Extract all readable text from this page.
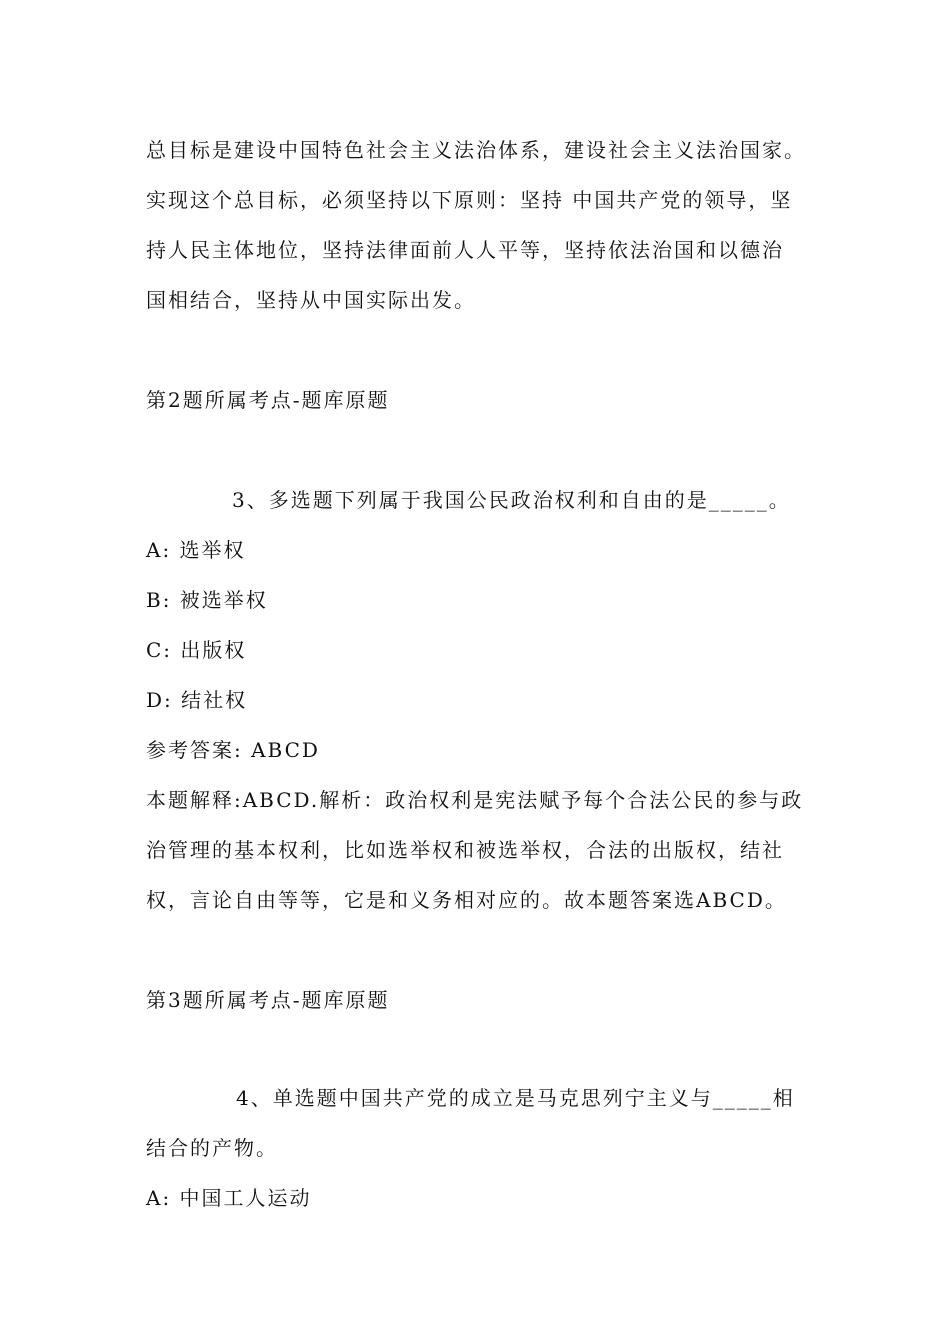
总目标是建设中国特色社会主义法治体系，建设社会主义法治国家。
实现这个总目标，必须坚持以下原则：坚持 中国共产党的领导，坚
持人民主体地位，坚持法律面前人人平等，坚持依法治国和以德治
国相结合，坚持从中国实际出发。
第2题所属考点-题库原题
3、多选题下列属于我国公民政治权利和自由的是_____。
A: 选举权
B: 被选举权
C: 出版权
D: 结社权
参考答案: ABCD
本题解释:ABCD.解析：政治权利是宪法赋予每个合法公民的参与政
治管理的基本权利，比如选举权和被选举权，合法的出版权，结社
权，言论自由等等，它是和义务相对应的。故本题答案选ABCD。
第3题所属考点-题库原题
4、单选题中国共产党的成立是马克思列宁主义与_____相
结合的产物。
A: 中国工人运动
